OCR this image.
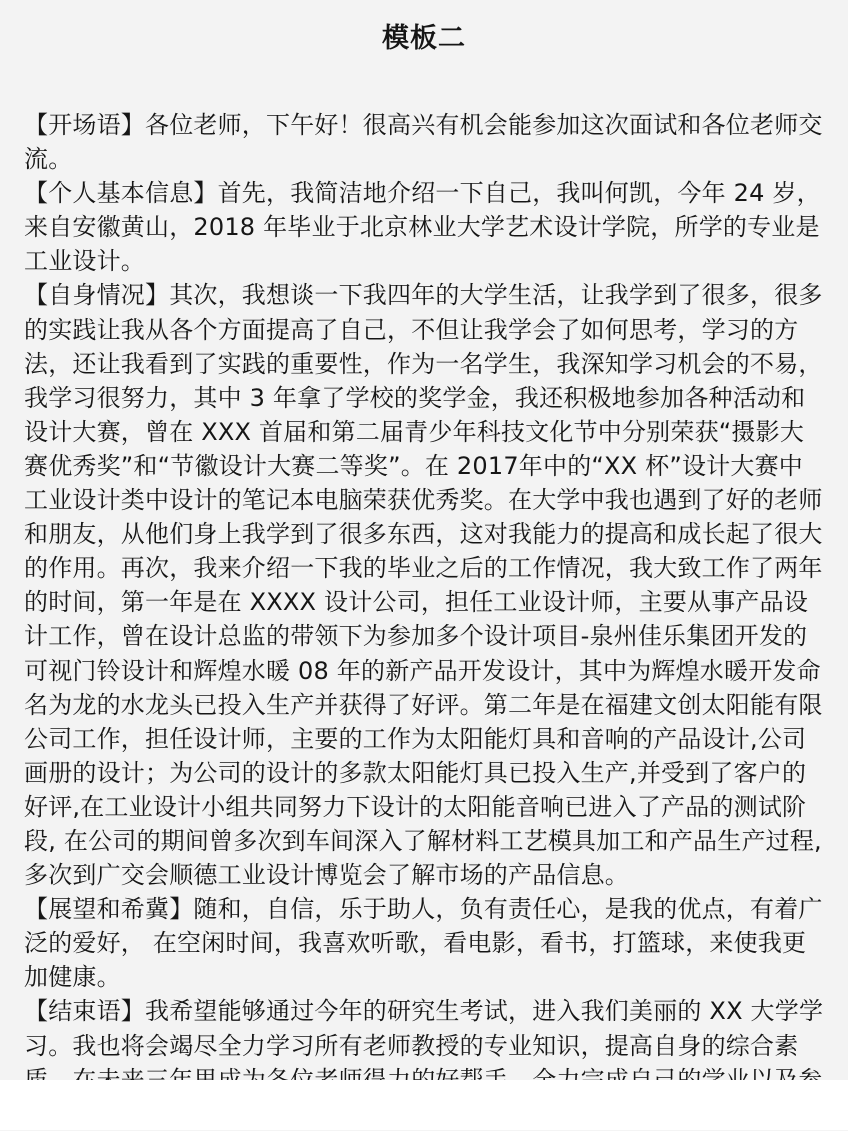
模板二

【开场语】各位老师，下午好！很高兴有机会能参加这次面试和各位老师交流。

【个人基本信息】首先，我简洁地介绍一下自己，我叫何凯，今年 24 岁，来自安徽黄山，2018 年毕业于北京林业大学艺术设计学院，所学的专业是工业设计。

【自身情况】其次，我想谈一下我四年的大学生活，让我学到了很多，很多的实践让我从各个方面提高了自己，不但让我学会了如何思考，学习的方法，还让我看到了实践的重要性，作为一名学生，我深知学习机会的不易，我学习很努力，其中 3 年拿了学校的奖学金，我还积极地参加各种活动和设计大赛，曾在 XXX 首届和第二届青少年科技文化节中分别荣获“摄影大赛优秀奖”和“节徽设计大赛二等奖”。在 2017年中的“XX 杯”设计大赛中工业设计类中设计的笔记本电脑荣获优秀奖。在大学中我也遇到了好的老师和朋友，从他们身上我学到了很多东西，这对我能力的提高和成长起了很大的作用。再次，我来介绍一下我的毕业之后的工作情况，我大致工作了两年的时间，第一年是在 XXXX 设计公司，担任工业设计师，主要从事产品设计工作，曾在设计总监的带领下为参加多个设计项目-泉州佳乐集团开发的可视门铃设计和辉煌水暖 08 年的新产品开发设计，其中为辉煌水暖开发命名为龙的水龙头已投入生产并获得了好评。第二年是在福建文创太阳能有限公司工作，担任设计师，主要的工作为太阳能灯具和音响的产品设计,公司画册的设计；为公司的设计的多款太阳能灯具已投入生产,并受到了客户的好评,在工业设计小组共同努力下设计的太阳能音响已进入了产品的测试阶段, 在公司的期间曾多次到车间深入了解材料工艺模具加工和产品生产过程, 多次到广交会顺德工业设计博览会了解市场的产品信息。

【展望和希冀】随和，自信，乐于助人，负有责任心，是我的优点，有着广泛的爱好， 在空闲时间，我喜欢听歌，看电影，看书，打篮球，来使我更加健康。

【结束语】我希望能够通过今年的研究生考试，进入我们美丽的 XX 大学学习。我也将会竭尽全力学习所有老师教授的专业知识，提高自身的综合素
